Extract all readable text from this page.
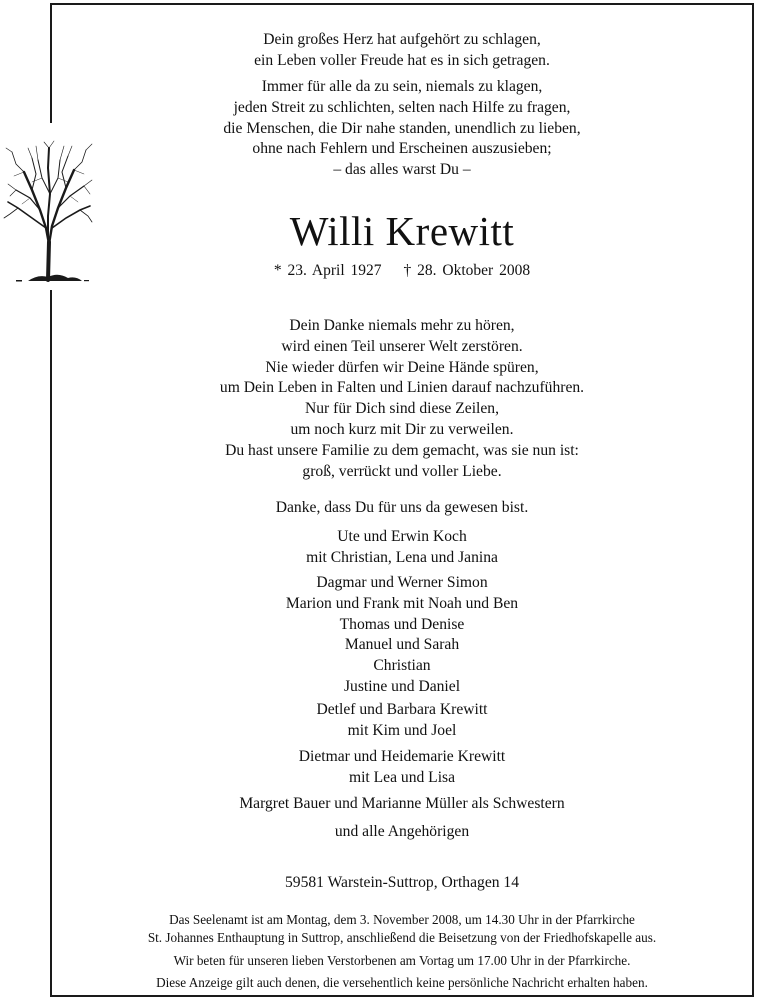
Dein großes Herz hat aufgehört zu schlagen,
ein Leben voller Freude hat es in sich getragen.
Immer für alle da zu sein, niemals zu klagen,
jeden Streit zu schlichten, selten nach Hilfe zu fragen,
die Menschen, die Dir nahe standen, unendlich zu lieben,
ohne nach Fehlern und Erscheinen auszusieben;
– das alles warst Du –
Willi Krewitt
* 23. April 1927 † 28. Oktober 2008
Dein Danke niemals mehr zu hören,
wird einen Teil unserer Welt zerstören.
Nie wieder dürfen wir Deine Hände spüren,
um Dein Leben in Falten und Linien darauf nachzuführen.
Nur für Dich sind diese Zeilen,
um noch kurz mit Dir zu verweilen.
Du hast unsere Familie zu dem gemacht, was sie nun ist:
groß, verrückt und voller Liebe.
Danke, dass Du für uns da gewesen bist.
Ute und Erwin Koch
mit Christian, Lena und Janina
Dagmar und Werner Simon
Marion und Frank mit Noah und Ben
Thomas und Denise
Manuel und Sarah
Christian
Justine und Daniel
Detlef und Barbara Krewitt
mit Kim und Joel
Dietmar und Heidemarie Krewitt
mit Lea und Lisa
Margret Bauer und Marianne Müller als Schwestern
und alle Angehörigen
59581 Warstein-Suttrop, Orthagen 14
Das Seelenamt ist am Montag, dem 3. November 2008, um 14.30 Uhr in der Pfarrkirche
St. Johannes Enthauptung in Suttrop, anschließend die Beisetzung von der Friedhofskapelle aus.
Wir beten für unseren lieben Verstorbenen am Vortag um 17.00 Uhr in der Pfarrkirche.
Diese Anzeige gilt auch denen, die versehentlich keine persönliche Nachricht erhalten haben.
